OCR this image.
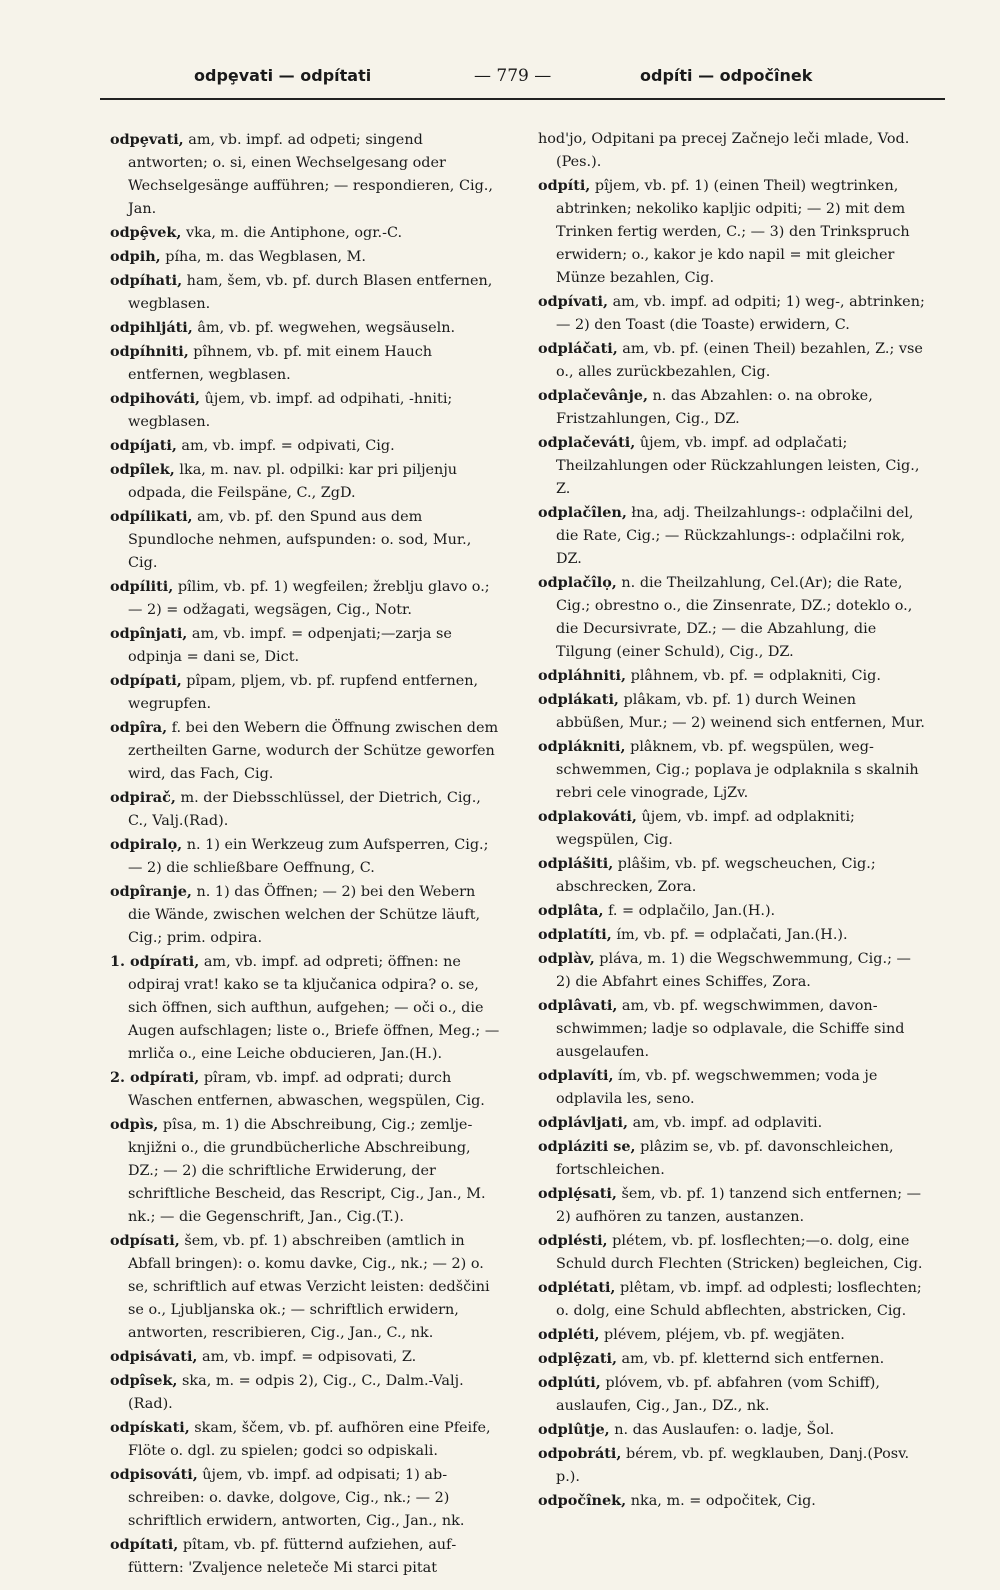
odpȩvati — odpítati	— 779 —	odpíti — odpočînek

odpȩvati, am, vb. impf. ad odpeti; singend antworten; o. si, einen Wechselgesang oder Wechselgesänge aufführen; — respondieren, Cig., Jan.

odpȩ̑vek, vka, m. die Antiphone, ogr.-C.

odpih, píha, m. das Wegblasen, M.

odpíhati, ham, šem, vb. pf. durch Blasen entfernen, wegblasen.

odpihljáti, âm, vb. pf. wegwehen, wegsäuseln.

odpíhniti, pîhnem, vb. pf. mit einem Hauch entfernen, wegblasen.

odpihováti, ûjem, vb. impf. ad odpihati, -hniti; wegblasen.

odpíjati, am, vb. impf. = odpivati, Cig.

odpîlek, lka, m. nav. pl. odpilki: kar pri piljenju odpada, die Feilspäne, C., ZgD.

odpílikati, am, vb. pf. den Spund aus dem Spundloche nehmen, aufspunden: o. sod, Mur., Cig.

odpíliti, pîlim, vb. pf. 1) wegfeilen; žreblju glavo o.; — 2) = odžagati, wegsägen, Cig., Notr.

odpînjati, am, vb. impf. = odpenjati;—zarja se odpinja = dani se, Dict.

odpípati, pîpam, pljem, vb. pf. rupfend entfernen, wegrupfen.

odpîra, f. bei den Webern die Öffnung zwischen dem zertheilten Garne, wodurch der Schütze geworfen wird, das Fach, Cig.

odpirač, m. der Diebsschlüssel, der Dietrich, Cig., C., Valj.(Rad).

odpiralọ, n. 1) ein Werkzeug zum Aufsperren, Cig.; — 2) die schließbare Oeffnung, C.

odpîranje, n. 1) das Öffnen; — 2) bei den Webern die Wände, zwischen welchen der Schütze läuft, Cig.; prim. odpira.

1. odpírati, am, vb. impf. ad odpreti; öffnen: ne odpiraj vrat! kako se ta ključanica odpira? o. se, sich öffnen, sich aufthun, aufgehen; — oči o., die Augen aufschlagen; liste o., Briefe öffnen, Meg.; — mrliča o., eine Leiche obducieren, Jan.(H.).

2. odpírati, pîram, vb. impf. ad odprati; durch Waschen entfernen, abwaschen, wegspülen, Cig.

odpìs, pîsa, m. 1) die Abschreibung, Cig.; zemljeknjižni o., die grundbücherliche Abschreibung, DZ.; — 2) die schriftliche Erwiderung, der schriftliche Bescheid, das Rescript, Cig., Jan., M. nk.; — die Gegenschrift, Jan., Cig.(T.).

odpísati, šem, vb. pf. 1) abschreiben (amtlich in Abfall bringen): o. komu davke, Cig., nk.; — 2) o. se, schriftlich auf etwas Verzicht leisten: dedščini se o., Ljubljanska ok.; — schriftlich erwidern, antworten, rescribieren, Cig., Jan., C., nk.

odpisávati, am, vb. impf. = odpisovati, Z.

odpîsek, ska, m. = odpis 2), Cig., C., Dalm.-Valj.(Rad).

odpískati, skam, ščem, vb. pf. aufhören eine Pfeife, Flöte o. dgl. zu spielen; godci so odpiskali.

odpisováti, ûjem, vb. impf. ad odpisati; 1) abschreiben: o. davke, dolgove, Cig., nk.; — 2) schriftlich erwidern, antworten, Cig., Jan., nk.

odpítati, pîtam, vb. pf. fütternd aufziehen, auffüttern: 'Zvaljence neleteče Mi starci pitat

hod'jo, Odpitani pa precej Začnejo leči mlade, Vod.(Pes.).

odpíti, pîjem, vb. pf. 1) (einen Theil) wegtrinken, abtrinken; nekoliko kapljic odpiti; — 2) mit dem Trinken fertig werden, C.; — 3) den Trinkspruch erwidern; o., kakor je kdo napil = mit gleicher Münze bezahlen, Cig.

odpívati, am, vb. impf. ad odpiti; 1) weg-, abtrinken; — 2) den Toast (die Toaste) erwidern, C.

odpláčati, am, vb. pf. (einen Theil) bezahlen, Z.; vse o., alles zurückbezahlen, Cig.

odplačevânje, n. das Abzahlen: o. na obroke, Fristzahlungen, Cig., DZ.

odplačeváti, ûjem, vb. impf. ad odplačati; Theilzahlungen oder Rückzahlungen leisten, Cig., Z.

odplačîlen, łna, adj. Theilzahlungs-: odplačilni del, die Rate, Cig.; — Rückzahlungs-: odplačilni rok, DZ.

odplačîlọ, n. die Theilzahlung, Cel.(Ar); die Rate, Cig.; obrestno o., die Zinsenrate, DZ.; doteklo o., die Decursivrate, DZ.; — die Abzahlung, die Tilgung (einer Schuld), Cig., DZ.

odpláhniti, plâhnem, vb. pf. = odplakniti, Cig.

odplákati, plâkam, vb. pf. 1) durch Weinen abbüßen, Mur.; — 2) weinend sich entfernen, Mur.

odplákniti, plâknem, vb. pf. wegspülen, wegschwemmen, Cig.; poplava je odplaknila s skalnih rebri cele vinograde, LjZv.

odplakováti, ûjem, vb. impf. ad odplakniti; wegspülen, Cig.

odplášiti, plâšim, vb. pf. wegscheuchen, Cig.; abschrecken, Zora.

odplâta, f. = odplačilo, Jan.(H.).

odplatíti, ím, vb. pf. = odplačati, Jan.(H.).

odplàv, pláva, m. 1) die Wegschwemmung, Cig.; — 2) die Abfahrt eines Schiffes, Zora.

odplâvati, am, vb. pf. wegschwimmen, davonschwimmen; ladje so odplavale, die Schiffe sind ausgelaufen.

odplavíti, ím, vb. pf. wegschwemmen; voda je odplavila les, seno.

odplávljati, am, vb. impf. ad odplaviti.

odpláziti se, plâzim se, vb. pf. davonschleichen, fortschleichen.

odplȩ́sati, šem, vb. pf. 1) tanzend sich entfernen; — 2) aufhören zu tanzen, austanzen.

odplésti, plétem, vb. pf. losflechten;—o. dolg, eine Schuld durch Flechten (Stricken) begleichen, Cig.

odplétati, plêtam, vb. impf. ad odplesti; losflechten; o. dolg, eine Schuld abflechten, abstricken, Cig.

odpléti, plévem, pléjem, vb. pf. wegjäten.

odplȩ̑zati, am, vb. pf. kletternd sich entfernen.

odplúti, plóvem, vb. pf. abfahren (vom Schiff), auslaufen, Cig., Jan., DZ., nk.

odplûtje, n. das Auslaufen: o. ladje, Šol.

odpobráti, bérem, vb. pf. wegklauben, Danj.(Posv. p.).

odpočînek, nka, m. = odpočitek, Cig.
